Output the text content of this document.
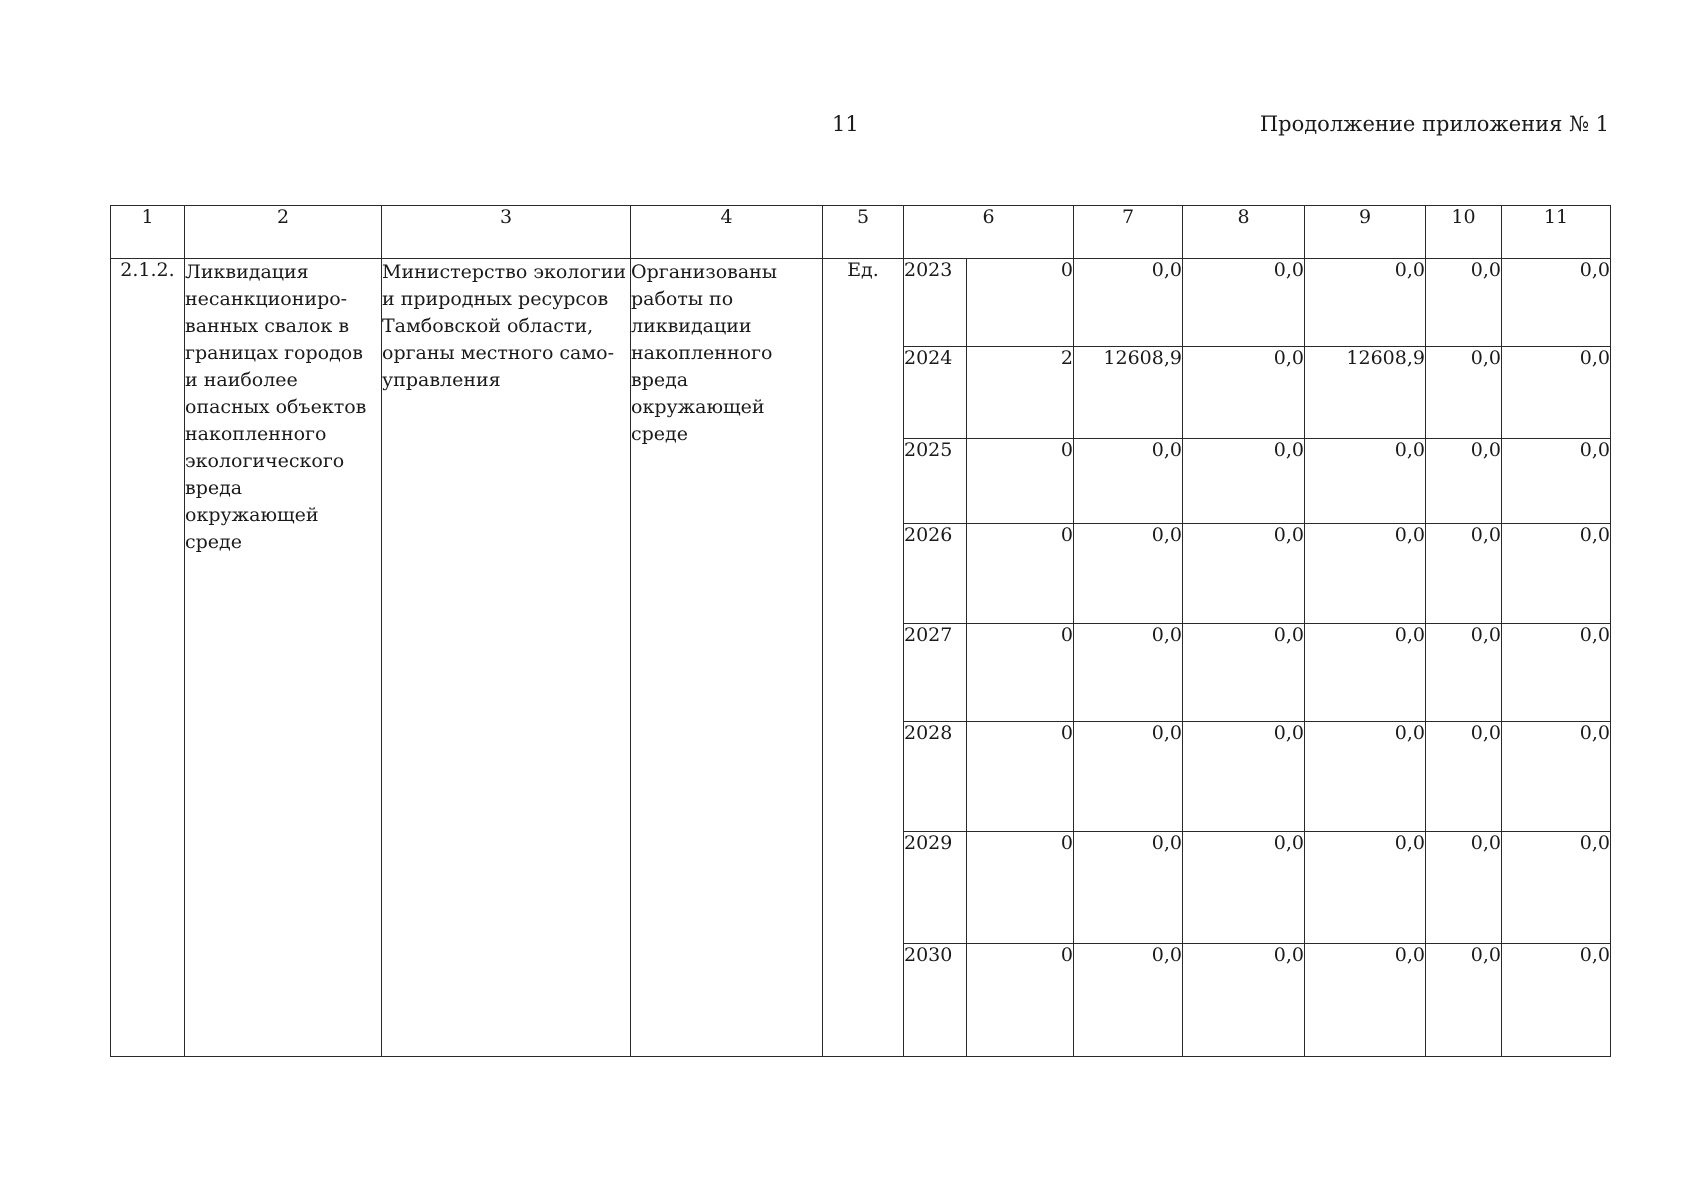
11	Продолжение приложения № 1
1	2	3	4	5	6		7	8	9	10	11
2.1.2.	Ликвидация несанкциониро-ванных свалок в границах городов и наиболее опасных объектов накопленного экологического вреда окружающей среде	Министерство экологии и природных ресурсов Тамбовской области, органы местного само-управления	Организованы работы по ликвидации накопленного вреда окружающей среде	Ед.	2023	0	0,0	0,0	0,0	0,0	0,0
					2024	2	12608,9	0,0	12608,9	0,0	0,0
					2025	0	0,0	0,0	0,0	0,0	0,0
					2026	0	0,0	0,0	0,0	0,0	0,0
					2027	0	0,0	0,0	0,0	0,0	0,0
					2028	0	0,0	0,0	0,0	0,0	0,0
					2029	0	0,0	0,0	0,0	0,0	0,0
					2030	0	0,0	0,0	0,0	0,0	0,0
